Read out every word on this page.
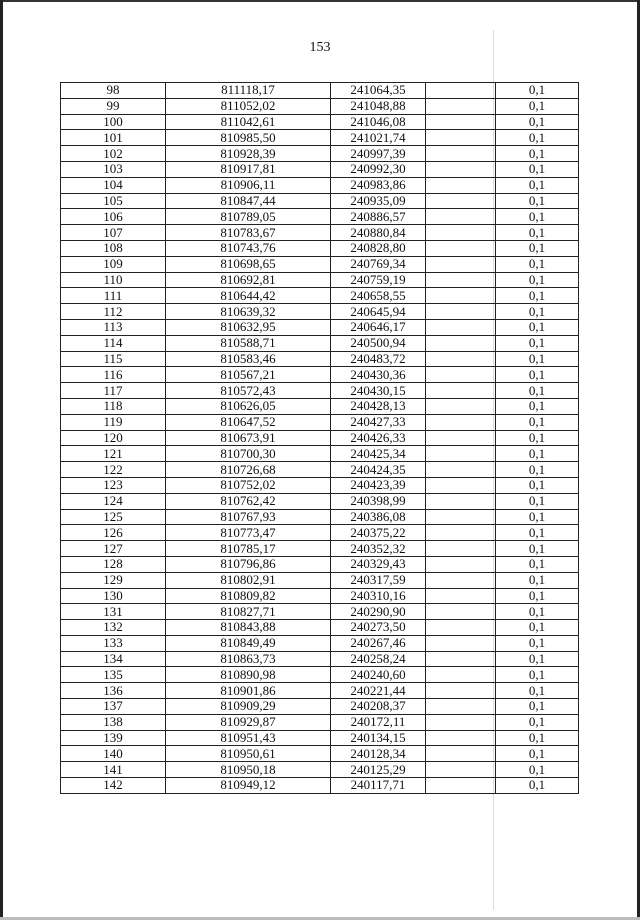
153
98	811118,17	241064,35		0,1
99	811052,02	241048,88		0,1
100	811042,61	241046,08		0,1
101	810985,50	241021,74		0,1
102	810928,39	240997,39		0,1
103	810917,81	240992,30		0,1
104	810906,11	240983,86		0,1
105	810847,44	240935,09		0,1
106	810789,05	240886,57		0,1
107	810783,67	240880,84		0,1
108	810743,76	240828,80		0,1
109	810698,65	240769,34		0,1
110	810692,81	240759,19		0,1
111	810644,42	240658,55		0,1
112	810639,32	240645,94		0,1
113	810632,95	240646,17		0,1
114	810588,71	240500,94		0,1
115	810583,46	240483,72		0,1
116	810567,21	240430,36		0,1
117	810572,43	240430,15		0,1
118	810626,05	240428,13		0,1
119	810647,52	240427,33		0,1
120	810673,91	240426,33		0,1
121	810700,30	240425,34		0,1
122	810726,68	240424,35		0,1
123	810752,02	240423,39		0,1
124	810762,42	240398,99		0,1
125	810767,93	240386,08		0,1
126	810773,47	240375,22		0,1
127	810785,17	240352,32		0,1
128	810796,86	240329,43		0,1
129	810802,91	240317,59		0,1
130	810809,82	240310,16		0,1
131	810827,71	240290,90		0,1
132	810843,88	240273,50		0,1
133	810849,49	240267,46		0,1
134	810863,73	240258,24		0,1
135	810890,98	240240,60		0,1
136	810901,86	240221,44		0,1
137	810909,29	240208,37		0,1
138	810929,87	240172,11		0,1
139	810951,43	240134,15		0,1
140	810950,61	240128,34		0,1
141	810950,18	240125,29		0,1
142	810949,12	240117,71		0,1
